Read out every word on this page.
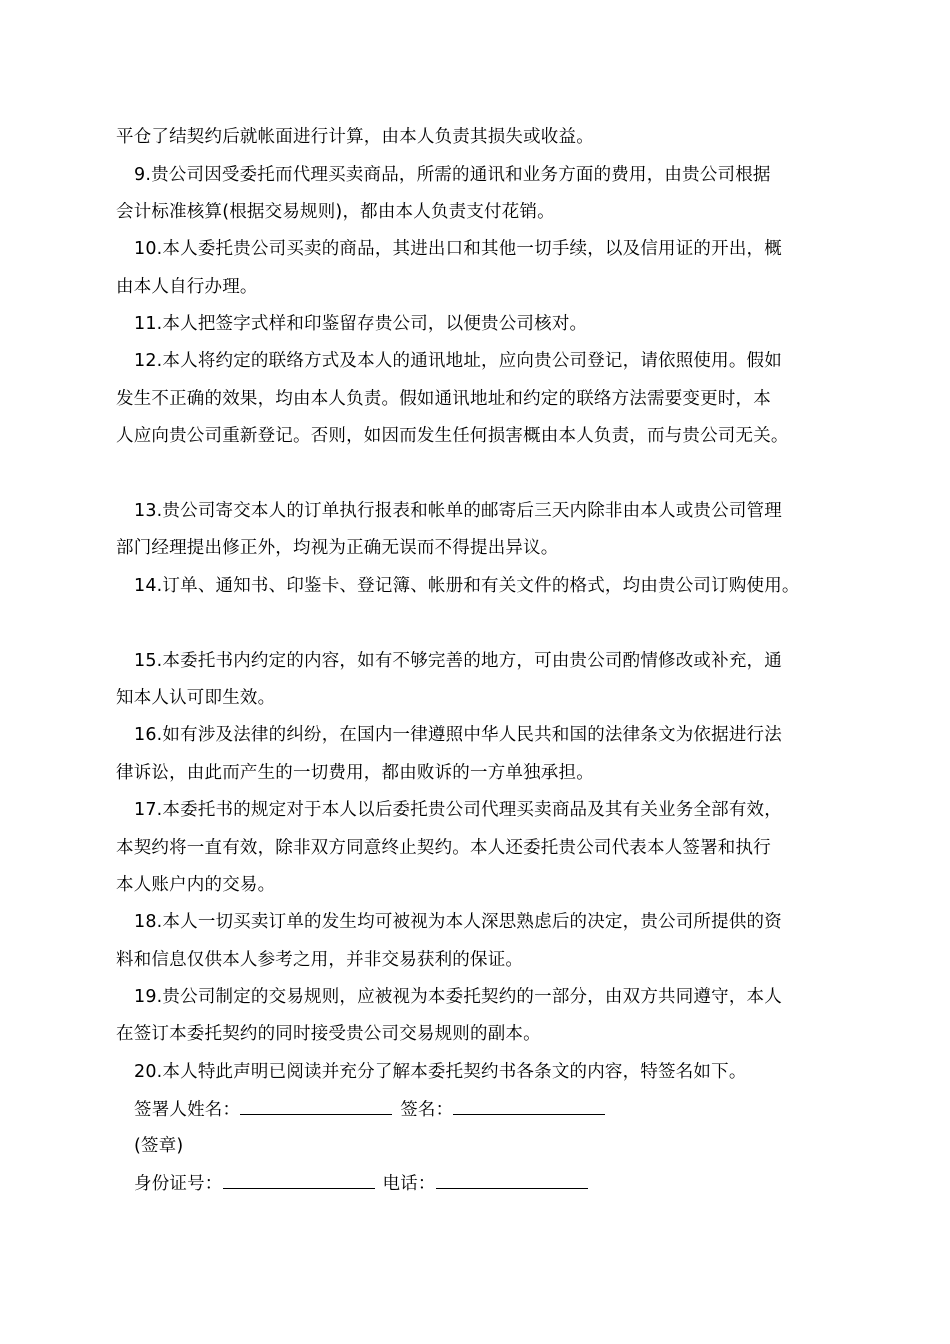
平仓了结契约后就帐面进行计算，由本人负责其损失或收益。
9.贵公司因受委托而代理买卖商品，所需的通讯和业务方面的费用，由贵公司根据
会计标准核算(根据交易规则)，都由本人负责支付花销。
10.本人委托贵公司买卖的商品，其进出口和其他一切手续，以及信用证的开出，概
由本人自行办理。
11.本人把签字式样和印鉴留存贵公司，以便贵公司核对。
12.本人将约定的联络方式及本人的通讯地址，应向贵公司登记，请依照使用。假如
发生不正确的效果，均由本人负责。假如通讯地址和约定的联络方法需要变更时，本
人应向贵公司重新登记。否则，如因而发生任何损害概由本人负责，而与贵公司无关。
13.贵公司寄交本人的订单执行报表和帐单的邮寄后三天内除非由本人或贵公司管理
部门经理提出修正外，均视为正确无误而不得提出异议。
14.订单、通知书、印鉴卡、登记簿、帐册和有关文件的格式，均由贵公司订购使用。
15.本委托书内约定的内容，如有不够完善的地方，可由贵公司酌情修改或补充，通
知本人认可即生效。
16.如有涉及法律的纠纷，在国内一律遵照中华人民共和国的法律条文为依据进行法
律诉讼，由此而产生的一切费用，都由败诉的一方单独承担。
17.本委托书的规定对于本人以后委托贵公司代理买卖商品及其有关业务全部有效，
本契约将一直有效，除非双方同意终止契约。本人还委托贵公司代表本人签署和执行
本人账户内的交易。
18.本人一切买卖订单的发生均可被视为本人深思熟虑后的决定，贵公司所提供的资
料和信息仅供本人参考之用，并非交易获利的保证。
19.贵公司制定的交易规则，应被视为本委托契约的一部分，由双方共同遵守，本人
在签订本委托契约的同时接受贵公司交易规则的副本。
20.本人特此声明已阅读并充分了解本委托契约书各条文的内容，特签名如下。
签署人姓名：	签名：
(签章)
身份证号：	电话：
